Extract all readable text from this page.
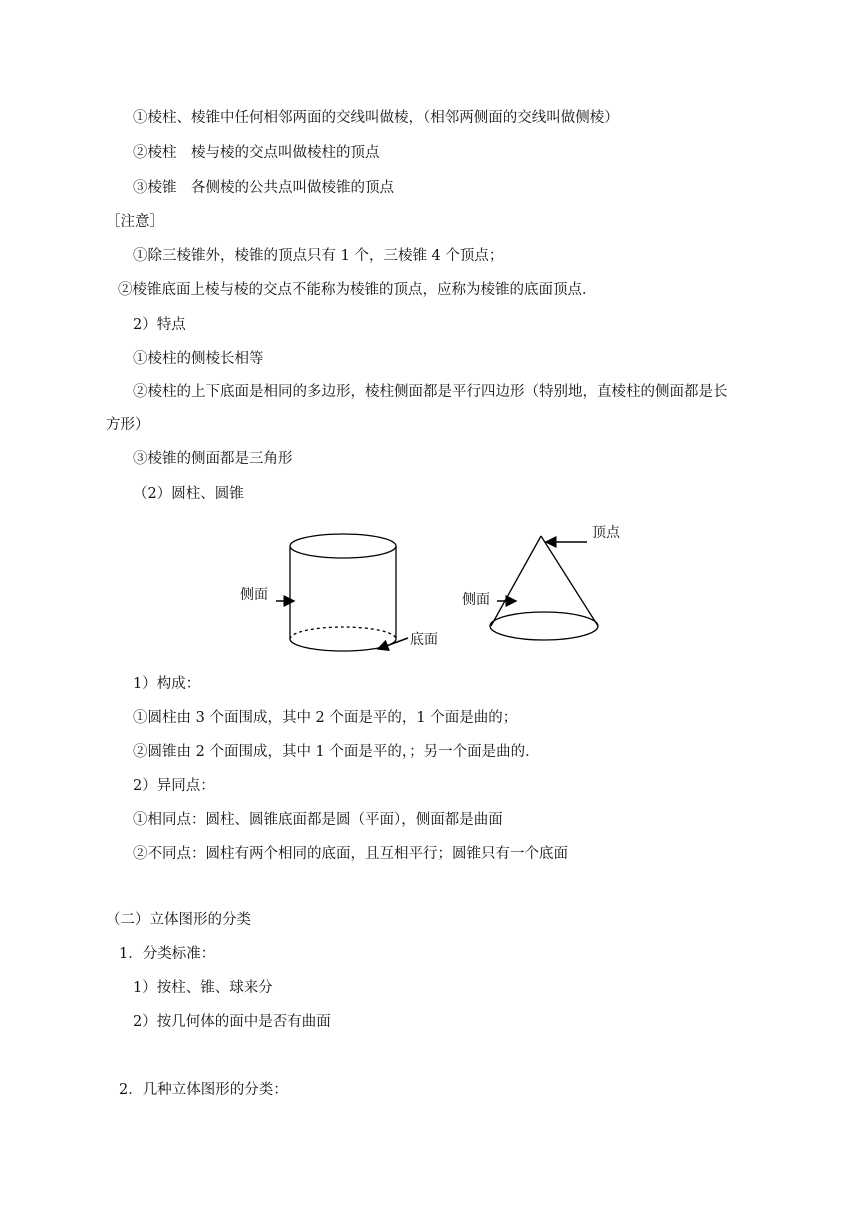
①棱柱、棱锥中任何相邻两面的交线叫做棱，（相邻两侧面的交线叫做侧棱）
②棱柱　棱与棱的交点叫做棱柱的顶点
③棱锥　各侧棱的公共点叫做棱锥的顶点
［注意］
①除三棱锥外，棱锥的顶点只有 1 个，三棱锥 4 个顶点；
②棱锥底面上棱与棱的交点不能称为棱锥的顶点，应称为棱锥的底面顶点．
2）特点
①棱柱的侧棱长相等
②棱柱的上下底面是相同的多边形，棱柱侧面都是平行四边形（特别地，直棱柱的侧面都是长
方形）
③棱锥的侧面都是三角形
（2）圆柱、圆锥
侧面
底面
顶点
侧面
1）构成：
①圆柱由 3 个面围成，其中 2 个面是平的，1 个面是曲的；
②圆锥由 2 个面围成，其中 1 个面是平的，；另一个面是曲的．
2）异同点：
①相同点：圆柱、圆锥底面都是圆（平面），侧面都是曲面
②不同点：圆柱有两个相同的底面，且互相平行；圆锥只有一个底面
（二）立体图形的分类
1．分类标准：
1）按柱、锥、球来分
2）按几何体的面中是否有曲面
2．几种立体图形的分类：
